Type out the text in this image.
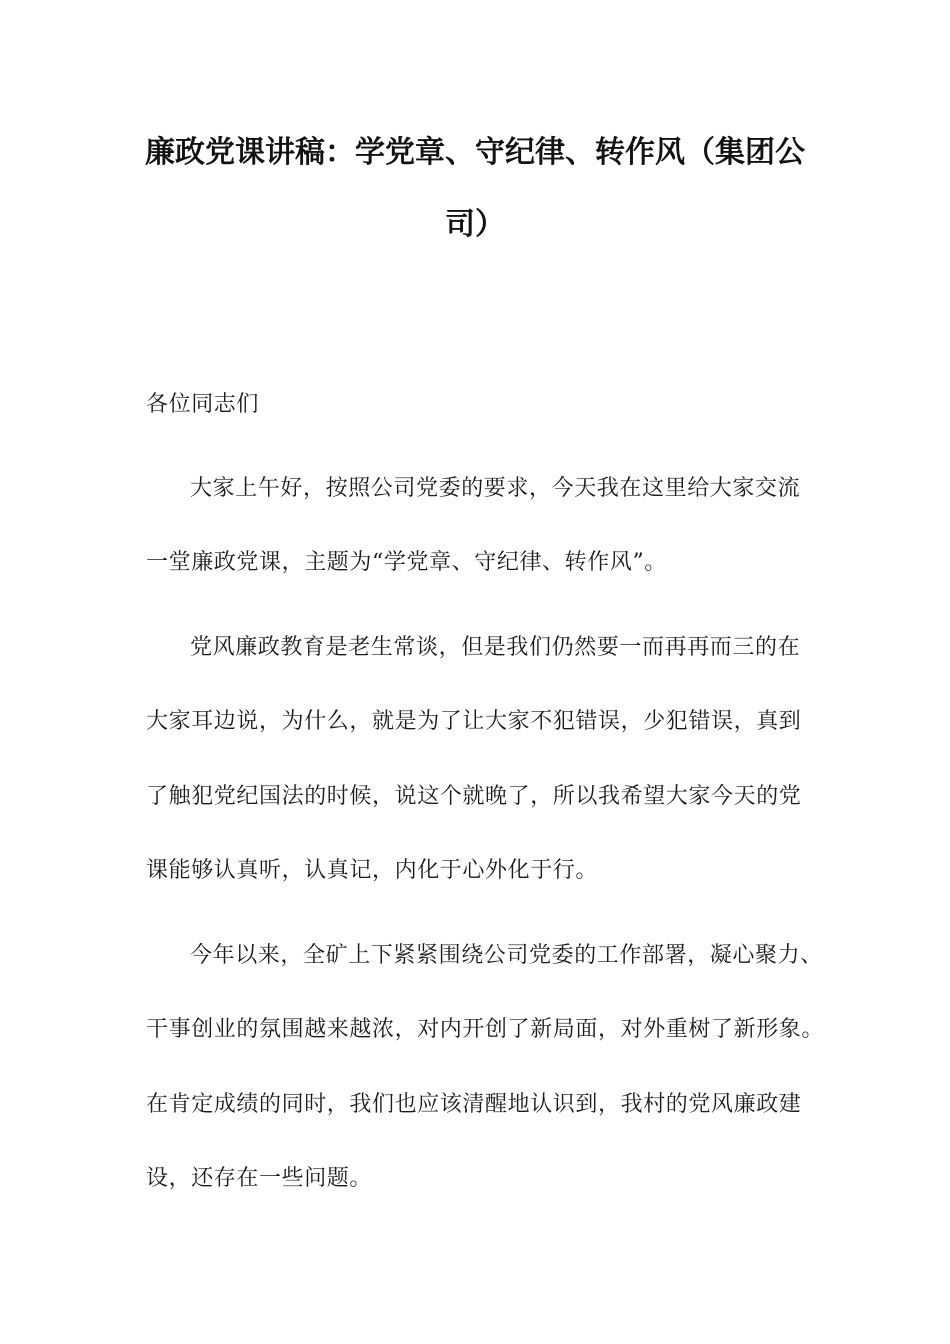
廉政党课讲稿：学党章、守纪律、转作风（集团公
司）
各位同志们
大家上午好，按照公司党委的要求，今天我在这里给大家交流
一堂廉政党课，主题为“学党章、守纪律、转作风”。
党风廉政教育是老生常谈，但是我们仍然要一而再再而三的在
大家耳边说，为什么，就是为了让大家不犯错误，少犯错误，真到
了触犯党纪国法的时候，说这个就晚了，所以我希望大家今天的党
课能够认真听，认真记，内化于心外化于行。
今年以来，全矿上下紧紧围绕公司党委的工作部署，凝心聚力、
干事创业的氛围越来越浓，对内开创了新局面，对外重树了新形象。
在肯定成绩的同时，我们也应该清醒地认识到，我村的党风廉政建
设，还存在一些问题。
